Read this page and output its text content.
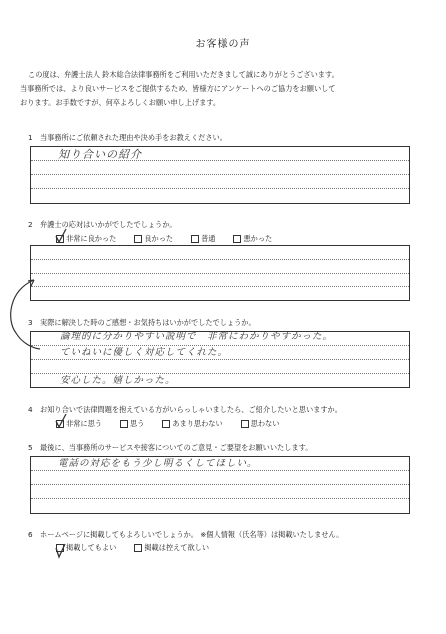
お客様の声
この度は、弁護士法人 鈴木総合法律事務所をご利用いただきまして誠にありがとうございます。
当事務所では、より良いサービスをご提供するため、皆様方にアンケートへのご協力をお願いして
おります。お手数ですが、何卒よろしくお願い申し上げます。
1 当事務所にご依頼された理由や決め手をお教えください。
知り合いの紹介
2 弁護士の応対はいかがでしたでしょうか。
非常に良かった	良かった	普通	悪かった
3 実際に解決した時のご感想・お気持ちはいかがでしたでしょうか。
論理的に分かりやすい説明で　非常にわかりやすかった。
ていねいに優しく対応してくれた。
安心した。嬉しかった。
4 お知り合いで法律問題を抱えている方がいらっしゃいましたら、ご紹介したいと思いますか。
非常に思う	思う	あまり思わない	思わない
5 最後に、当事務所のサービスや接客についてのご意見・ご要望をお願いいたします。
電話の対応をもう少し明るくしてほしい。
6 ホームページに掲載してもよろしいでしょうか。 ※個人情報（氏名等）は掲載いたしません。
掲載してもよい	掲載は控えて欲しい
